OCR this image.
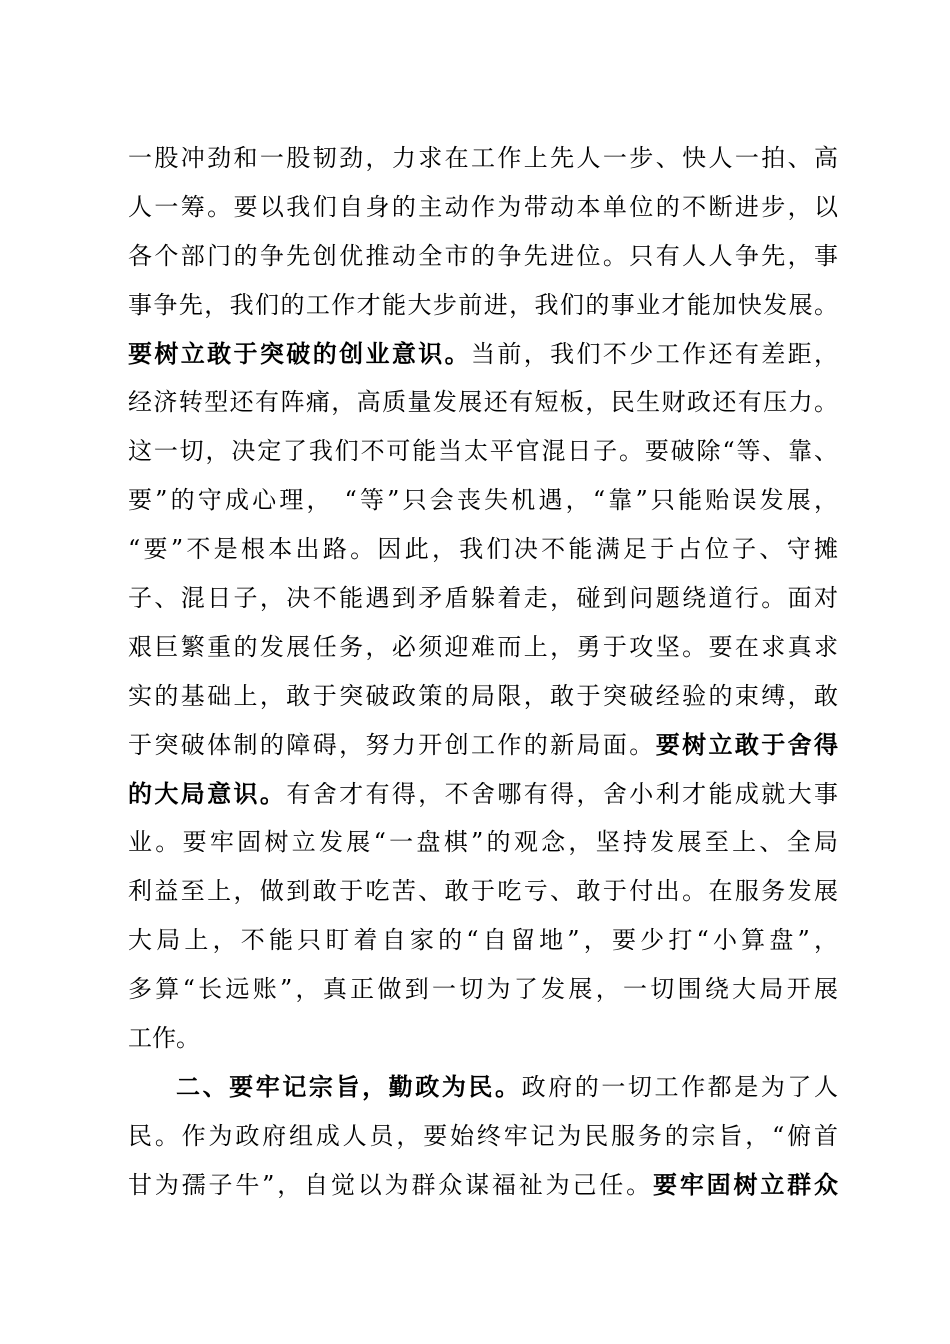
一股冲劲和一股韧劲，力求在工作上先人一步、快人一拍、高
人一筹。要以我们自身的主动作为带动本单位的不断进步，以
各个部门的争先创优推动全市的争先进位。只有人人争先，事
事争先，我们的工作才能大步前进，我们的事业才能加快发展。
要树立敢于突破的创业意识。当前，我们不少工作还有差距，
经济转型还有阵痛，高质量发展还有短板，民生财政还有压力。
这一切，决定了我们不可能当太平官混日子。要破除“等、靠、
要”的守成心理， “等”只会丧失机遇，“靠”只能贻误发展，
“要”不是根本出路。因此，我们决不能满足于占位子、守摊
子、混日子，决不能遇到矛盾躲着走，碰到问题绕道行。面对
艰巨繁重的发展任务，必须迎难而上，勇于攻坚。要在求真求
实的基础上，敢于突破政策的局限，敢于突破经验的束缚，敢
于突破体制的障碍，努力开创工作的新局面。要树立敢于舍得
的大局意识。有舍才有得，不舍哪有得，舍小利才能成就大事
业。要牢固树立发展“一盘棋”的观念，坚持发展至上、全局
利益至上，做到敢于吃苦、敢于吃亏、敢于付出。在服务发展
大局上，不能只盯着自家的“自留地”，要少打“小算盘”，
多算“长远账”，真正做到一切为了发展，一切围绕大局开展
工作。
二、要牢记宗旨，勤政为民。政府的一切工作都是为了人
民。作为政府组成人员，要始终牢记为民服务的宗旨，“俯首
甘为孺子牛”，自觉以为群众谋福祉为己任。要牢固树立群众
